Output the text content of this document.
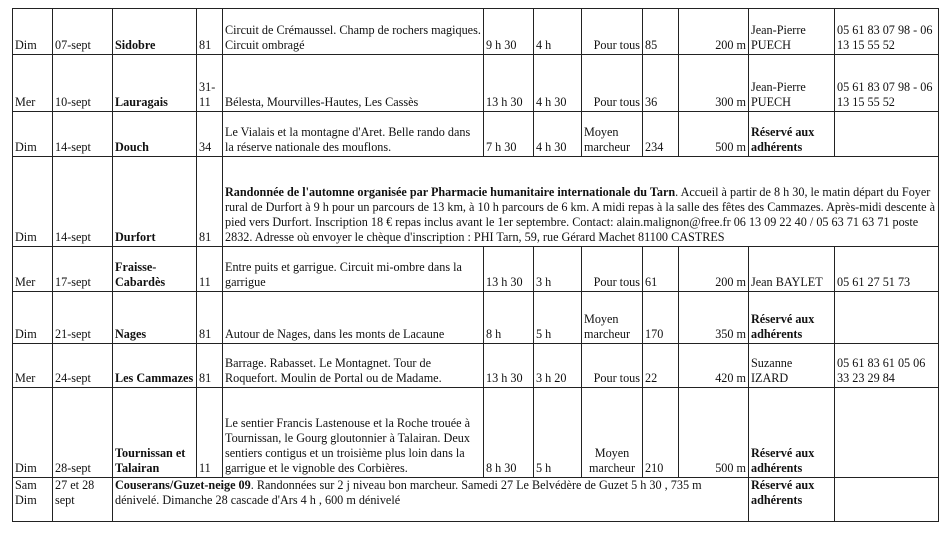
Dim	07-sept	Sidobre	81	Circuit de Crémaussel. Champ de rochers magiques. Circuit ombragé	9 h 30	4 h	Pour tous	85	200 m	Jean-Pierre PUECH	05 61 83 07 98 - 06 13 15 55 52
Mer	10-sept	Lauragais	31-11	Bélesta, Mourvilles-Hautes, Les Cassès	13 h 30	4 h 30	Pour tous	36	300 m	Jean-Pierre PUECH	05 61 83 07 98 - 06 13 15 55 52
Dim	14-sept	Douch	34	Le Vialais et la montagne d'Aret. Belle rando dans la réserve nationale des mouflons.	7 h 30	4 h 30	Moyen marcheur	234	500 m	Réservé aux adhérents	
Dim	14-sept	Durfort	81	Randonnée de l'automne organisée par Pharmacie humanitaire internationale du Tarn. Accueil à partir de 8 h 30, le matin départ du Foyer rural de Durfort à 9 h pour un parcours de 13 km, à 10 h parcours de 6 km. A midi repas à la salle des fêtes des Cammazes. Après-midi descente à pied vers Durfort. Inscription 18 € repas inclus avant le 1er septembre. Contact: alain.malignon@free.fr 06 13 09 22 40 / 05 63 71 63 71 poste 2832. Adresse où envoyer le chèque d'inscription : PHI Tarn, 59, rue Gérard Machet 81100 CASTRES							
Mer	17-sept	Fraisse-Cabardès	11	Entre puits et garrigue. Circuit mi-ombre dans la garrigue	13 h 30	3 h	Pour tous	61	200 m	Jean BAYLET	05 61 27 51 73
Dim	21-sept	Nages	81	Autour de Nages, dans les monts de Lacaune	8 h	5 h	Moyen marcheur	170	350 m	Réservé aux adhérents	
Mer	24-sept	Les Cammazes	81	Barrage. Rabasset. Le Montagnet. Tour de Roquefort. Moulin de Portal ou de Madame.	13 h 30	3 h 20	Pour tous	22	420 m	Suzanne IZARD	05 61 83 61 05 06 33 23 29 84
Dim	28-sept	Tournissan et Talairan	11	Le sentier Francis Lastenouse et la Roche trouée à Tournissan, le Gourg gloutonnier à Talairan. Deux sentiers contigus et un troisième plus loin dans la garrigue et le vignoble des Corbières.	8 h 30	5 h	Moyen marcheur	210	500 m	Réservé aux adhérents	
Sam Dim	27 et 28 sept	Couserans/Guzet-neige 09. Randonnées sur 2 j niveau bon marcheur. Samedi 27 Le Belvédère de Guzet 5 h 30 , 735 m dénivelé. Dimanche 28 cascade d'Ars 4 h , 600 m dénivelé								Réservé aux adhérents	
